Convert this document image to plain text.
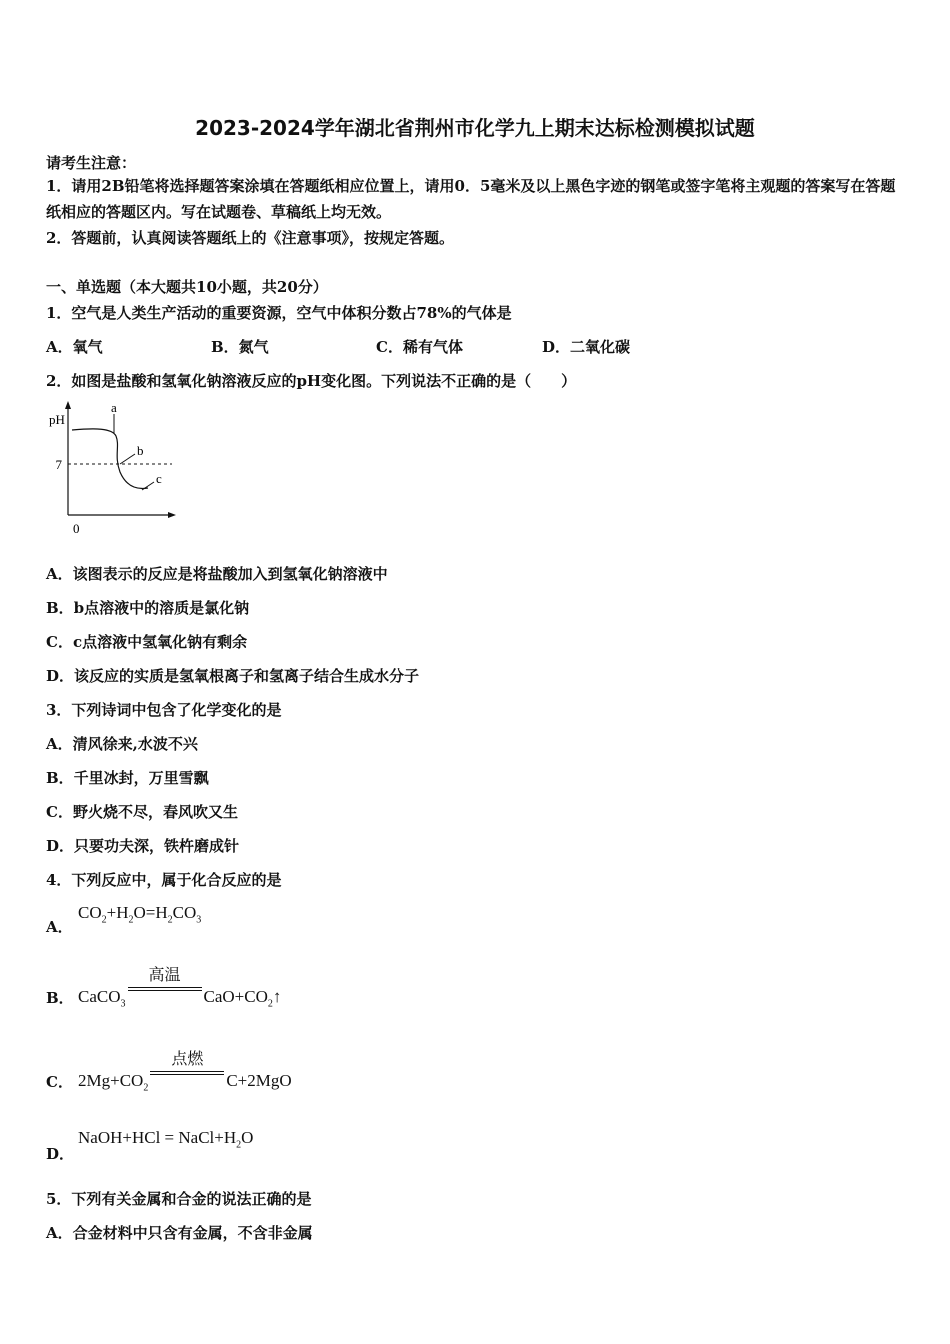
2023-2024学年湖北省荆州市化学九上期末达标检测模拟试题
请考生注意：
1．请用2B铅笔将选择题答案涂填在答题纸相应位置上，请用0．5毫米及以上黑色字迹的钢笔或签字笔将主观题的答案写在答题纸相应的答题区内。写在试题卷、草稿纸上均无效。
2．答题前，认真阅读答题纸上的《注意事项》，按规定答题。
一、单选题（本大题共10小题，共20分）
1．空气是人类生产活动的重要资源，空气中体积分数占78%的气体是
A．氧气	B．氮气	C．稀有气体	D．二氧化碳
2．如图是盐酸和氢氧化钠溶液反应的pH变化图。下列说法不正确的是（　　）
pH
7
0
a
b
c
A．该图表示的反应是将盐酸加入到氢氧化钠溶液中
B．b点溶液中的溶质是氯化钠
C．c点溶液中氢氧化钠有剩余
D．该反应的实质是氢氧根离子和氢离子结合生成水分子
3．下列诗词中包含了化学变化的是
A．清风徐来,水波不兴
B．千里冰封，万里雪飘
C．野火烧不尽，春风吹又生
D．只要功夫深，铁杵磨成针
4．下列反应中，属于化合反应的是
A．
$CO_2+H_2O=H_2CO_3$
B． CaCO$_3$
高温
$CaO+CO_2↑$
C． $2Mg+CO_2$
点燃
C+2MgO
D．
NaOH+HCl = $NaCl+H_2O$
5．下列有关金属和合金的说法正确的是
A．合金材料中只含有金属，不含非金属
